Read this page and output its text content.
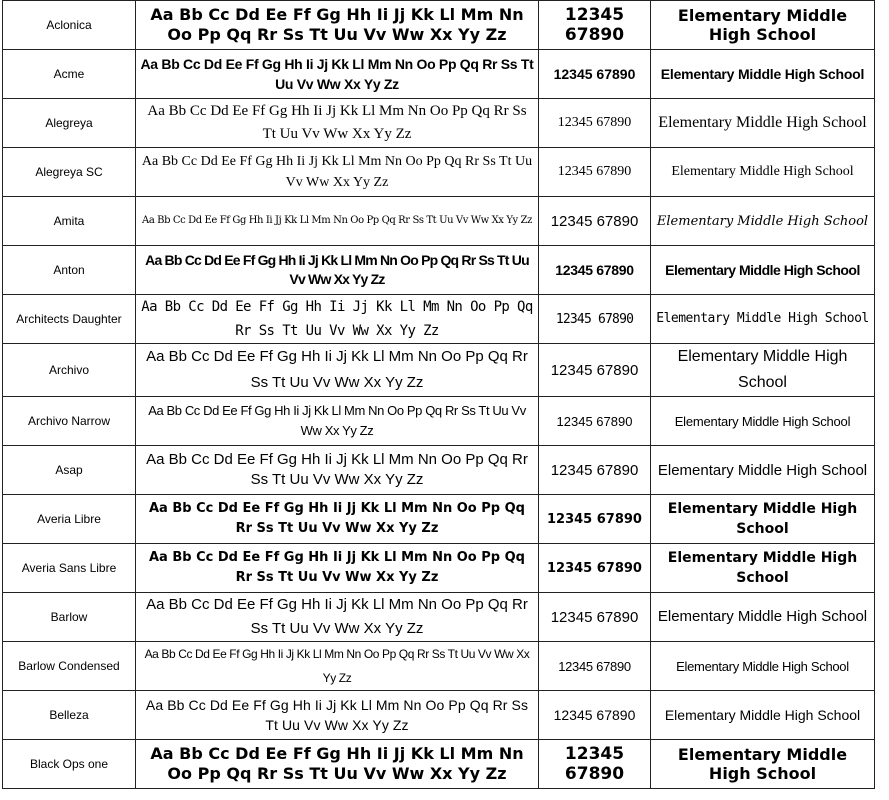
Aclonica	Aa Bb Cc Dd Ee Ff Gg Hh Ii Jj Kk Ll Mm Nn Oo Pp Qq Rr Ss Tt Uu Vv Ww Xx Yy Zz	12345 67890	Elementary Middle High School
Acme	Aa Bb Cc Dd Ee Ff Gg Hh Ii Jj Kk Ll Mm Nn Oo Pp Qq Rr Ss Tt Uu Vv Ww Xx Yy Zz	12345 67890	Elementary Middle High School
Alegreya	Aa Bb Cc Dd Ee Ff Gg Hh Ii Jj Kk Ll Mm Nn Oo Pp Qq Rr Ss Tt Uu Vv Ww Xx Yy Zz	12345 67890	Elementary Middle High School
Alegreya SC	Aa Bb Cc Dd Ee Ff Gg Hh Ii Jj Kk Ll Mm Nn Oo Pp Qq Rr Ss Tt Uu Vv Ww Xx Yy Zz	12345 67890	Elementary Middle High School
Amita	Aa Bb Cc Dd Ee Ff Gg Hh Ii Jj Kk Ll Mm Nn Oo Pp Qq Rr Ss Tt Uu Vv Ww Xx Yy Zz	12345 67890	Elementary Middle High School
Anton	Aa Bb Cc Dd Ee Ff Gg Hh Ii Jj Kk Ll Mm Nn Oo Pp Qq Rr Ss Tt Uu Vv Ww Xx Yy Zz	12345 67890	Elementary Middle High School
Architects Daughter	Aa Bb Cc Dd Ee Ff Gg Hh Ii Jj Kk Ll Mm Nn Oo Pp Qq Rr Ss Tt Uu Vv Ww Xx Yy Zz	12345 67890	Elementary Middle High School
Archivo	Aa Bb Cc Dd Ee Ff Gg Hh Ii Jj Kk Ll Mm Nn Oo Pp Qq Rr Ss Tt Uu Vv Ww Xx Yy Zz	12345 67890	Elementary Middle High School
Archivo Narrow	Aa Bb Cc Dd Ee Ff Gg Hh Ii Jj Kk Ll Mm Nn Oo Pp Qq Rr Ss Tt Uu Vv Ww Xx Yy Zz	12345 67890	Elementary Middle High School
Asap	Aa Bb Cc Dd Ee Ff Gg Hh Ii Jj Kk Ll Mm Nn Oo Pp Qq Rr Ss Tt Uu Vv Ww Xx Yy Zz	12345 67890	Elementary Middle High School
Averia Libre	Aa Bb Cc Dd Ee Ff Gg Hh Ii Jj Kk Ll Mm Nn Oo Pp Qq Rr Ss Tt Uu Vv Ww Xx Yy Zz	12345 67890	Elementary Middle High School
Averia Sans Libre	Aa Bb Cc Dd Ee Ff Gg Hh Ii Jj Kk Ll Mm Nn Oo Pp Qq Rr Ss Tt Uu Vv Ww Xx Yy Zz	12345 67890	Elementary Middle High School
Barlow	Aa Bb Cc Dd Ee Ff Gg Hh Ii Jj Kk Ll Mm Nn Oo Pp Qq Rr Ss Tt Uu Vv Ww Xx Yy Zz	12345 67890	Elementary Middle High School
Barlow Condensed	Aa Bb Cc Dd Ee Ff Gg Hh Ii Jj Kk Ll Mm Nn Oo Pp Qq Rr Ss Tt Uu Vv Ww Xx Yy Zz	12345 67890	Elementary Middle High School
Belleza	Aa Bb Cc Dd Ee Ff Gg Hh Ii Jj Kk Ll Mm Nn Oo Pp Qq Rr Ss Tt Uu Vv Ww Xx Yy Zz	12345 67890	Elementary Middle High School
Black Ops one	Aa Bb Cc Dd Ee Ff Gg Hh Ii Jj Kk Ll Mm Nn Oo Pp Qq Rr Ss Tt Uu Vv Ww Xx Yy Zz	12345 67890	Elementary Middle High School
